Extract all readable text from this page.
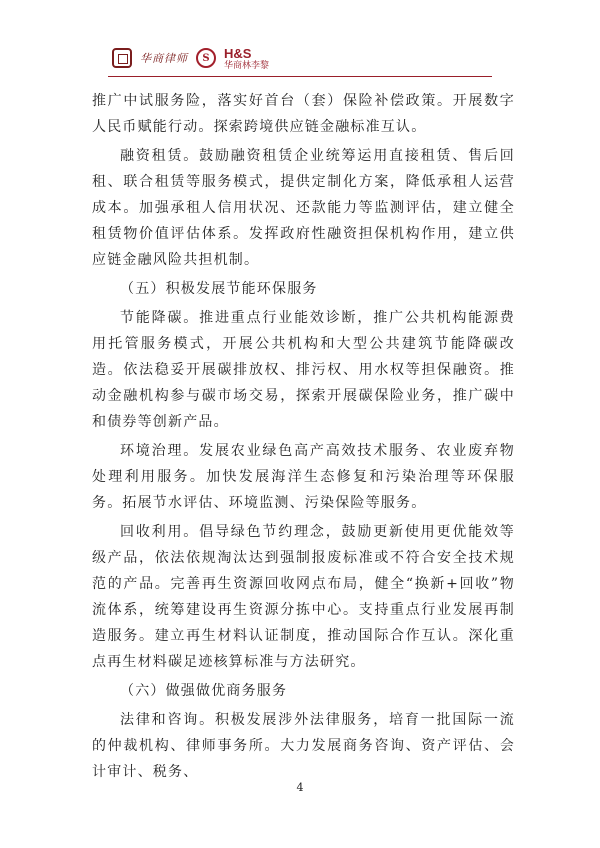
华商律师	S	H&S
华商林李黎

推广中试服务险，落实好首台（套）保险补偿政策。开展数字人民币赋能行动。探索跨境供应链金融标准互认。

融资租赁。鼓励融资租赁企业统筹运用直接租赁、售后回租、联合租赁等服务模式，提供定制化方案，降低承租人运营成本。加强承租人信用状况、还款能力等监测评估，建立健全租赁物价值评估体系。发挥政府性融资担保机构作用，建立供应链金融风险共担机制。

（五）积极发展节能环保服务

节能降碳。推进重点行业能效诊断，推广公共机构能源费用托管服务模式，开展公共机构和大型公共建筑节能降碳改造。依法稳妥开展碳排放权、排污权、用水权等担保融资。推动金融机构参与碳市场交易，探索开展碳保险业务，推广碳中和债券等创新产品。

环境治理。发展农业绿色高产高效技术服务、农业废弃物处理利用服务。加快发展海洋生态修复和污染治理等环保服务。拓展节水评估、环境监测、污染保险等服务。

回收利用。倡导绿色节约理念，鼓励更新使用更优能效等级产品，依法依规淘汰达到强制报废标准或不符合安全技术规范的产品。完善再生资源回收网点布局，健全“换新+回收”物流体系，统筹建设再生资源分拣中心。支持重点行业发展再制造服务。建立再生材料认证制度，推动国际合作互认。深化重点再生材料碳足迹核算标准与方法研究。

（六）做强做优商务服务

法律和咨询。积极发展涉外法律服务，培育一批国际一流的仲裁机构、律师事务所。大力发展商务咨询、资产评估、会计审计、税务、

4
